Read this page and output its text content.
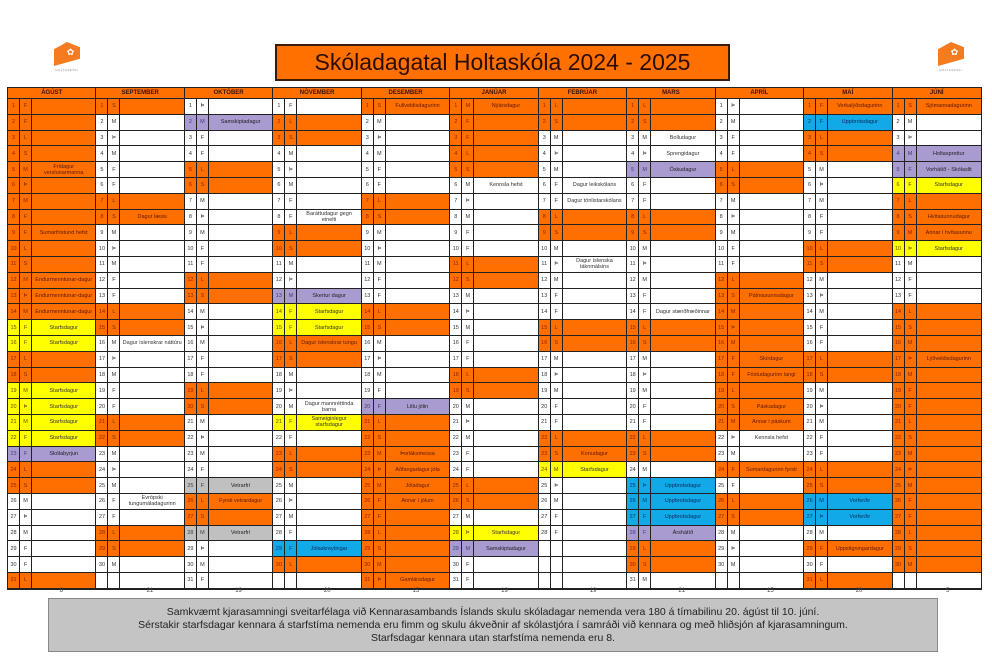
✿
HOLTASKÓLI	Skóladagatal Holtaskóla 2024 - 2025	✿
HOLTASKÓLI
ÁGÚST
1	F
2	F
3	L
4	S
5	M	Frídagur verslunarmanna
6	Þ
7	M
8	F
9	F	Sumarfrístund hefst
10	L
11	S
12	M	Endurmenntunar-dagur
13	Þ	Endurmenntunar-dagur
14	M	Endurmenntunar-dagur
15	F	Starfsdagur
16	F	Starfsdagur
17	L
18	S
19	M	Starfsdagur
20	Þ	Starfsdagur
21	M	Starfsdagur
22	F	Starfsdagur
23	F	Skólabyrjun
24	L
25	S
26	M
27	Þ
28	M
29	F
30	F
31	L
SEPTEMBER
1	S
2	M
3	Þ
4	M
5	F
6	F
7	L
8	S	Dagur læsis
9	M
10	Þ
11	M
12	F
13	F
14	L
15	S
16	M	Dagur íslenskrar náttúru
17	Þ
18	M
19	F
20	F
21	L
22	S
23	M
24	Þ
25	M
26	F	Evrópski tungumáladagurinn
27	F
28	L
29	S
30	M
OKTÓBER
1	Þ
2	M	Samskiptadagur
3	F
4	F
5	L
6	S
7	M
8	Þ
9	M
10	F
11	F
12	L
13	S
14	M
15	Þ
16	M
17	F
18	F
19	L
20	S
21	M
22	Þ
23	M
24	F
25	F	Vetrarfrí
26	L	Fyrsti vetrardagur
27	S
28	M	Vetrarfrí
29	Þ
30	M
31	F
NÓVEMBER
1	F
2	L
3	S
4	M
5	Þ
6	M
7	F
8	F	Baráttudagur gegn einelti
9	L
10	S
11	M
12	Þ
13	M	Skertur dagur
14	F	Starfsdagur
15	F	Starfsdagur
16	L	Dagur íslenskrar tungu
17	S
18	M
19	Þ
20	M	Dagur mannréttinda barna
21	F	Sameiginlegur starfsdagur
22	F
23	L
24	S
25	M
26	Þ
27	M
28	F
29	F	Jólaskreytingar
30	L
DESEMBER
1	S	Fullveldisdagurinn
2	M
3	Þ
4	M
5	F
6	F
7	L
8	S
9	M
10	Þ
11	M
12	F
13	F
14	L
15	S
16	M
17	Þ
18	M
19	F
20	F	Litlu jólin
21	L
22	S
23	M	Þorláksmessa
24	Þ	Aðfangadagur jóla
25	M	Jóladagur
26	F	Annar í jólum
27	F
28	L
29	S
30	M
31	Þ	Gamlársdagur
JANÚAR
1	M	Nýársdagur
2	F
3	F
4	L
5	S
6	M	Kennsla hefst
7	Þ
8	M
9	F
10	F
11	L
12	S
13	M
14	Þ
15	M
16	F
17	F
18	L
19	S
20	M
21	Þ
22	M
23	F
24	F
25	L
26	S
27	M
28	Þ	Starfsdagur
29	M	Samskiptadagur
30	F
31	F
FEBRÚAR
1	L
2	S
3	M
4	Þ
5	M
6	F	Dagur leikskólans
7	F	Dagur tónlistarskólans
8	L
9	S
10	M
11	Þ	Dagur íslenska táknmálsins
12	M
13	F
14	F
15	L
16	S
17	M
18	Þ
19	M
20	F
21	F
22	L
23	S	Konudagur
24	M	Starfsdagur
25	Þ
26	M
27	F
28	F
MARS
1	L
2	S
3	M	Bolludagur
4	Þ	Sprengidagur
5	M	Öskudagur
6	F
7	F
8	L
9	S
10	M
11	Þ
12	M
13	F
14	F	Dagur stærðfræðinnar
15	L
16	S
17	M
18	Þ
19	M
20	F
21	F
22	L
23	S
24	M
25	Þ	Uppbrotsdagur
26	M	Uppbrotsdagur
27	F	Uppbrotsdagur
28	F	Árshátíð
29	L
30	S
31	M
APRÍL
1	Þ
2	M
3	F
4	F
5	L
6	S
7	M
8	Þ
9	M
10	F
11	F
12	L
13	S	Pálmasunnudagur
14	M
15	Þ
16	M
17	F	Skírdagur
18	F	Föstudagurinn langi
19	L
20	S	Páskadagur
21	M	Annar í páskum
22	Þ	Kennsla hefst
23	M
24	F	Sumardagurinn fyrsti
25	F
26	L
27	S
28	M
29	Þ
30	M
MAÍ
1	F	Verkalýðsdagurinn
2	F	Uppbrotsdagur
3	L
4	S
5	M
6	Þ
7	M
8	F
9	F
10	L
11	S
12	M
13	Þ
14	M
15	F
16	F
17	L
18	S
19	M
20	Þ
21	M
22	F
23	F
24	L
25	S
26	M	Vorferðir
27	Þ	Vorferðir
28	M
29	F	Uppstigningardagur
30	F
31	L
JÚNÍ
1	S	Sjómannadagurinn
2	M
3	Þ
4	M	Holtasprettur
5	F	Vorhátíð - Skólaslit
6	F	Starfsdagur
7	L
8	S	Hvítasunnudagur
9	M	Annar í hvítasunnu
10	Þ	Starfsdagur
11	M
12	F
13	F
14	L
15	S
16	M
17	Þ	Lýðveldisdagurinn
18	M
19	F
20	F
21	L
22	S
23	M
24	Þ
25	M
26	F
27	F
28	L
29	S
30	M
6	21	19	20	15	19	19	21	15	20	5

Samkvæmt kjarasamningi sveitarfélaga við Kennarasambands Íslands skulu skóladagar nemenda vera 180 á tímabilinu 20. ágúst til 10. júní.

Sérstakir starfsdagar kennara á starfstíma nemenda eru fimm og skulu ákveðnir af skólastjóra í samráði við kennara og með hliðsjón af kjarasamningum.

Starfsdagar kennara utan starfstíma nemenda eru 8.
